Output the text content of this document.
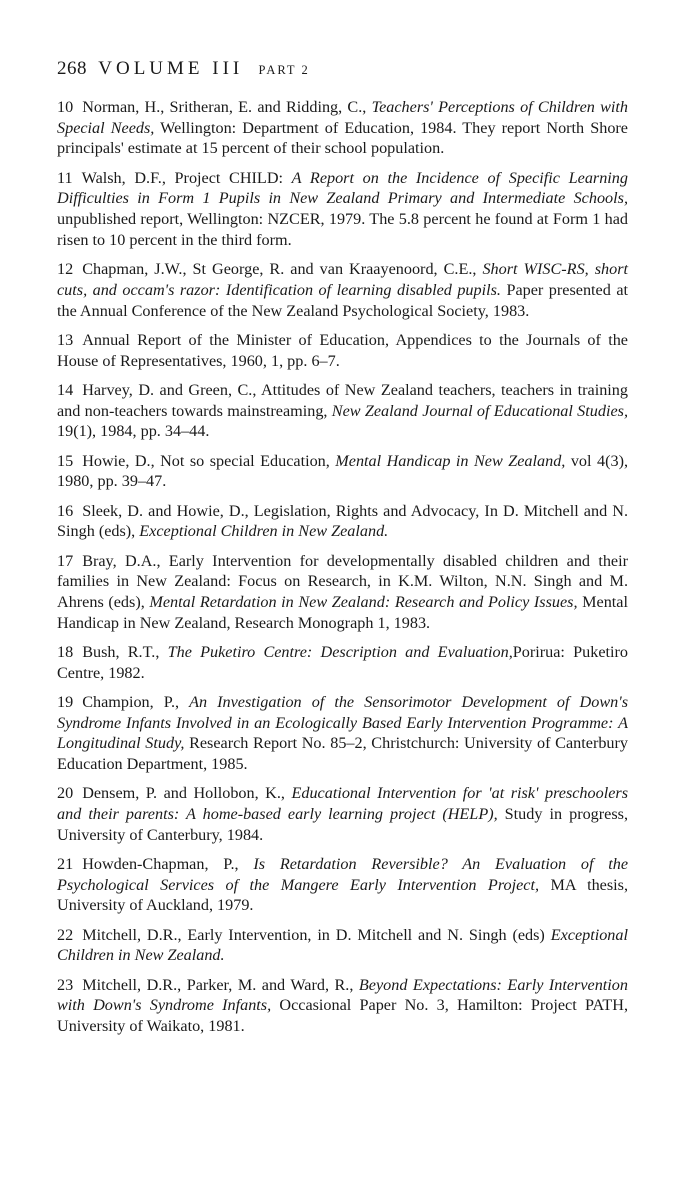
268 VOLUME III PART 2

10 Norman, H., Sritheran, E. and Ridding, C., Teachers' Perceptions of Children with Special Needs, Wellington: Department of Education, 1984. They report North Shore principals' estimate at 15 percent of their school population.

11 Walsh, D.F., Project CHILD: A Report on the Incidence of Specific Learning Difficulties in Form 1 Pupils in New Zealand Primary and Intermediate Schools, unpublished report, Wellington: NZCER, 1979. The 5.8 percent he found at Form 1 had risen to 10 percent in the third form.

12 Chapman, J.W., St George, R. and van Kraayenoord, C.E., Short WISC-RS, short cuts, and occam's razor: Identification of learning disabled pupils. Paper presented at the Annual Conference of the New Zealand Psychological Society, 1983.

13 Annual Report of the Minister of Education, Appendices to the Journals of the House of Representatives, 1960, 1, pp. 6–7.

14 Harvey, D. and Green, C., Attitudes of New Zealand teachers, teachers in training and non-teachers towards mainstreaming, New Zealand Journal of Educational Studies, 19(1), 1984, pp. 34–44.

15 Howie, D., Not so special Education, Mental Handicap in New Zealand, vol 4(3), 1980, pp. 39–47.

16 Sleek, D. and Howie, D., Legislation, Rights and Advocacy, In D. Mitchell and N. Singh (eds), Exceptional Children in New Zealand.

17 Bray, D.A., Early Intervention for developmentally disabled children and their families in New Zealand: Focus on Research, in K.M. Wilton, N.N. Singh and M. Ahrens (eds), Mental Retardation in New Zealand: Research and Policy Issues, Mental Handicap in New Zealand, Research Monograph 1, 1983.

18 Bush, R.T., The Puketiro Centre: Description and Evaluation,Porirua: Puketiro Centre, 1982.

19 Champion, P., An Investigation of the Sensorimotor Development of Down's Syndrome Infants Involved in an Ecologically Based Early Intervention Programme: A Longitudinal Study, Research Report No. 85–2, Christchurch: University of Canterbury Education Department, 1985.

20 Densem, P. and Hollobon, K., Educational Intervention for 'at risk' preschoolers and their parents: A home-based early learning project (HELP), Study in progress, University of Canterbury, 1984.

21 Howden-Chapman, P., Is Retardation Reversible? An Evaluation of the Psychological Services of the Mangere Early Intervention Project, MA thesis, University of Auckland, 1979.

22 Mitchell, D.R., Early Intervention, in D. Mitchell and N. Singh (eds) Exceptional Children in New Zealand.

23 Mitchell, D.R., Parker, M. and Ward, R., Beyond Expectations: Early Intervention with Down's Syndrome Infants, Occasional Paper No. 3, Hamilton: Project PATH, University of Waikato, 1981.
